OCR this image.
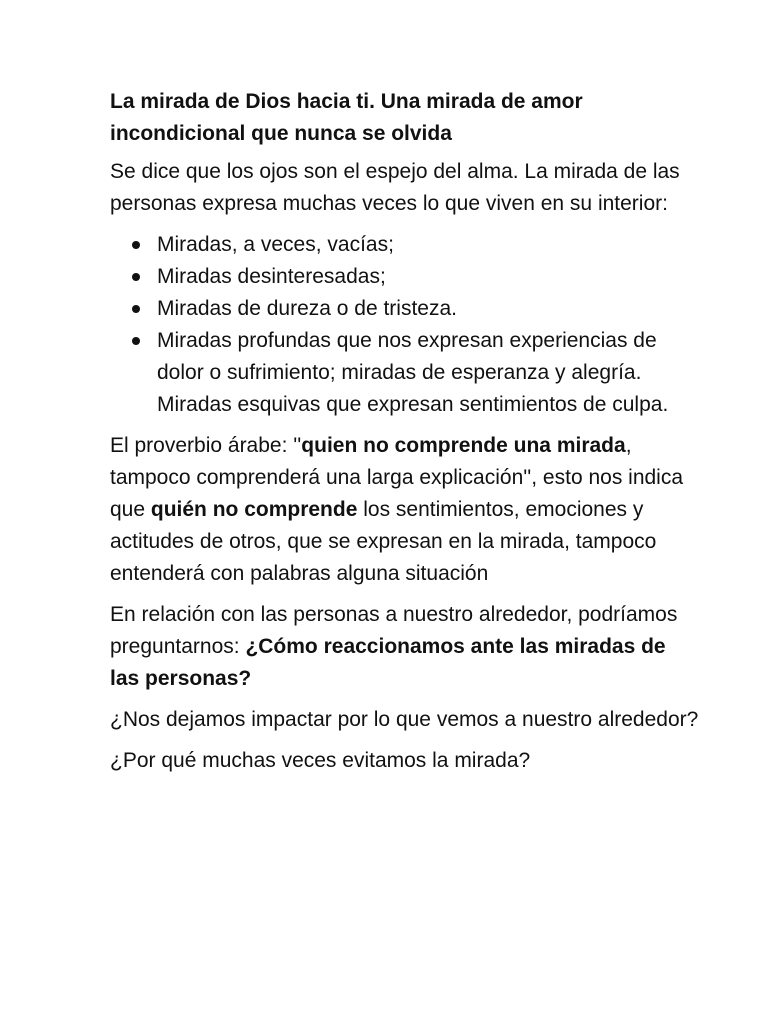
La mirada de Dios hacia ti. Una mirada de amor incondicional que nunca se olvida

Se dice que los ojos son el espejo del alma. La mirada de las personas expresa muchas veces lo que viven en su interior:

Miradas, a veces, vacías;
Miradas desinteresadas;
Miradas de dureza o de tristeza.
Miradas profundas que nos expresan experiencias de dolor o sufrimiento; miradas de esperanza y alegría. Miradas esquivas que expresan sentimientos de culpa.

El proverbio árabe: ''quien no comprende una mirada, tampoco comprenderá una larga explicación'', esto nos indica que quién no comprende los sentimientos, emociones y actitudes de otros, que se expresan en la mirada, tampoco entenderá con palabras alguna situación

En relación con las personas a nuestro alrededor, podríamos preguntarnos: ¿Cómo reaccionamos ante las miradas de las personas?

¿Nos dejamos impactar por lo que vemos a nuestro alrededor?

¿Por qué muchas veces evitamos la mirada?
